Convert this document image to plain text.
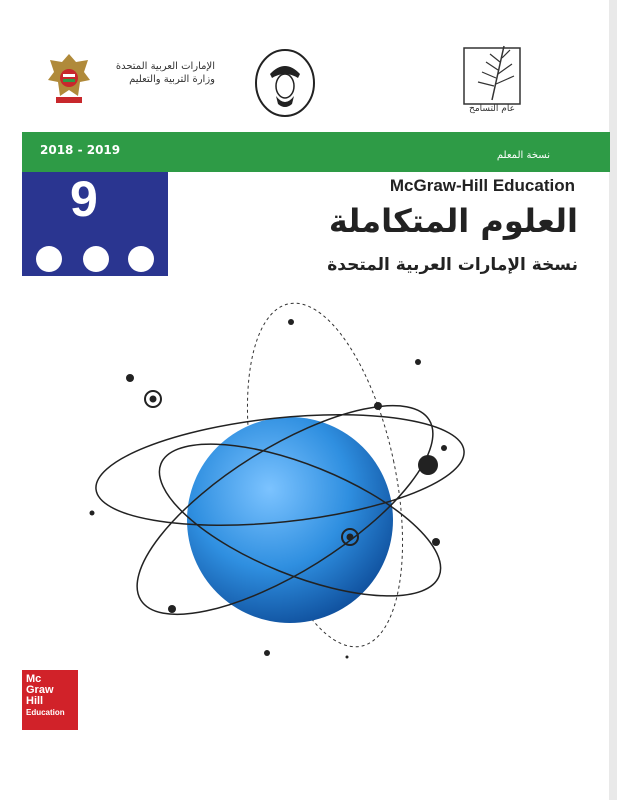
الإمارات العربية المتحدة
وزارة التربية والتعليم
عام التسامح
2018 - 2019	نسخة المعلم
9	McGraw-Hill Education
العلوم المتكاملة
نسخة الإمارات العربية المتحدة
Mc
Graw
Hill
Education
